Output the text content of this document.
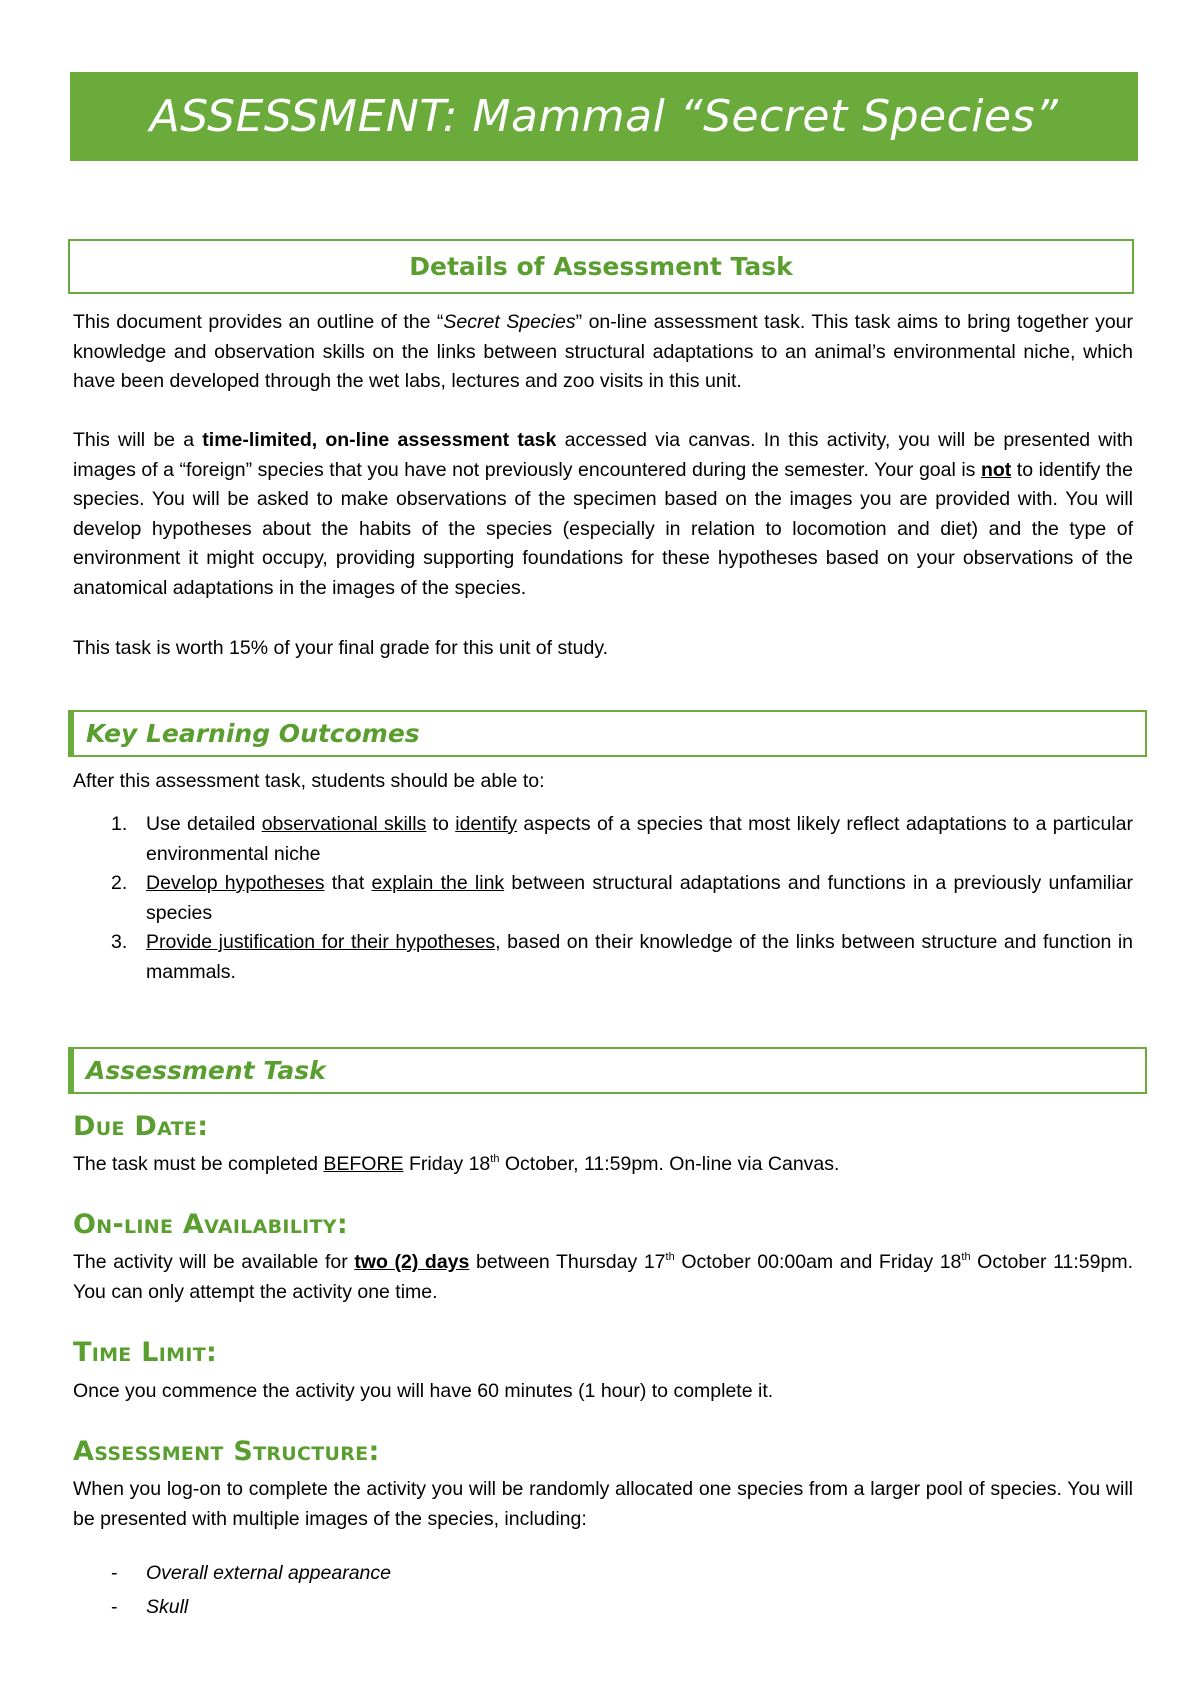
ASSESSMENT: Mammal “Secret Species”
Details of Assessment Task

This document provides an outline of the “Secret Species” on-line assessment task. This task aims to bring together your knowledge and observation skills on the links between structural adaptations to an animal’s environmental niche, which have been developed through the wet labs, lectures and zoo visits in this unit.

This will be a time-limited, on-line assessment task accessed via canvas. In this activity, you will be presented with images of a “foreign” species that you have not previously encountered during the semester. Your goal is not to identify the species. You will be asked to make observations of the specimen based on the images you are provided with. You will develop hypotheses about the habits of the species (especially in relation to locomotion and diet) and the type of environment it might occupy, providing supporting foundations for these hypotheses based on your observations of the anatomical adaptations in the images of the species.

This task is worth 15% of your final grade for this unit of study.

Key Learning Outcomes

After this assessment task, students should be able to:

1. Use detailed observational skills to identify aspects of a species that most likely reflect adaptations to a particular environmental niche
2. Develop hypotheses that explain the link between structural adaptations and functions in a previously unfamiliar species
3. Provide justification for their hypotheses, based on their knowledge of the links between structure and function in mammals.
Assessment Task
Due Date:

The task must be completed BEFORE Friday 18th October, 11:59pm. On-line via Canvas.

On-line Availability:

The activity will be available for two (2) days between Thursday 17th October 00:00am and Friday 18th October 11:59pm. You can only attempt the activity one time.

Time Limit:

Once you commence the activity you will have 60 minutes (1 hour) to complete it.

Assessment Structure:

When you log-on to complete the activity you will be randomly allocated one species from a larger pool of species. You will be presented with multiple images of the species, including:

- Overall external appearance
- Skull
